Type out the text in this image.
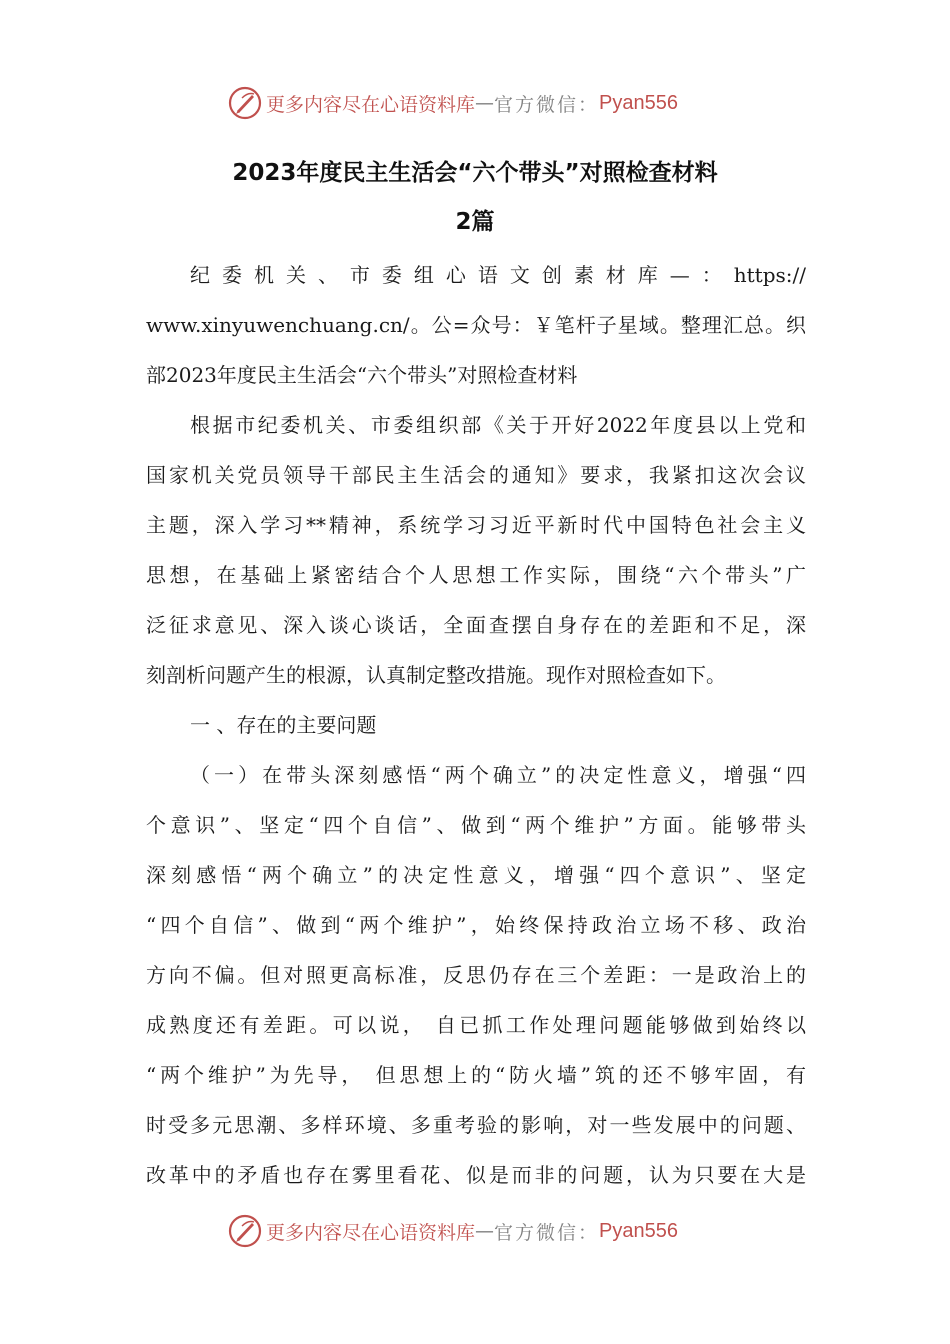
更多内容尽在心语资料库 — 官方微信： Pyan556
2023年度民主生活会“六个带头”对照检查材料
2篇
纪委机关、市委组心语文创素材库—：https://
www.xinyuwenchuang.cn/。公=众号：￥笔杆子星域。整理汇总。织
部2023年度民主生活会“六个带头”对照检查材料
根据市纪委机关、市委组织部《关于开好2022年度县以上党和
国家机关党员领导干部民主生活会的通知》要求，我紧扣这次会议
主题，深入学习**精神，系统学习习近平新时代中国特色社会主义
思想，在基础上紧密结合个人思想工作实际，围绕“六个带头”广
泛征求意见、深入谈心谈话，全面查摆自身存在的差距和不足，深
刻剖析问题产生的根源，认真制定整改措施。现作对照检查如下。
一 、存在的主要问题
（一）在带头深刻感悟“两个确立”的决定性意义，增强“四
个意识”、坚定“四个自信”、做到“两个维护”方面。能够带头
深刻感悟“两个确立”的决定性意义，增强“四个意识”、坚定
“四个自信”、做到“两个维护”，始终保持政治立场不移、政治
方向不偏。但对照更高标准，反思仍存在三个差距：一是政治上的
成熟度还有差距。可以说， 自已抓工作处理问题能够做到始终以
“两个维护”为先导， 但思想上的“防火墙”筑的还不够牢固，有
时受多元思潮、多样环境、多重考验的影响，对一些发展中的问题、
改革中的矛盾也存在雾里看花、似是而非的问题，认为只要在大是
更多内容尽在心语资料库 — 官方微信： Pyan556
